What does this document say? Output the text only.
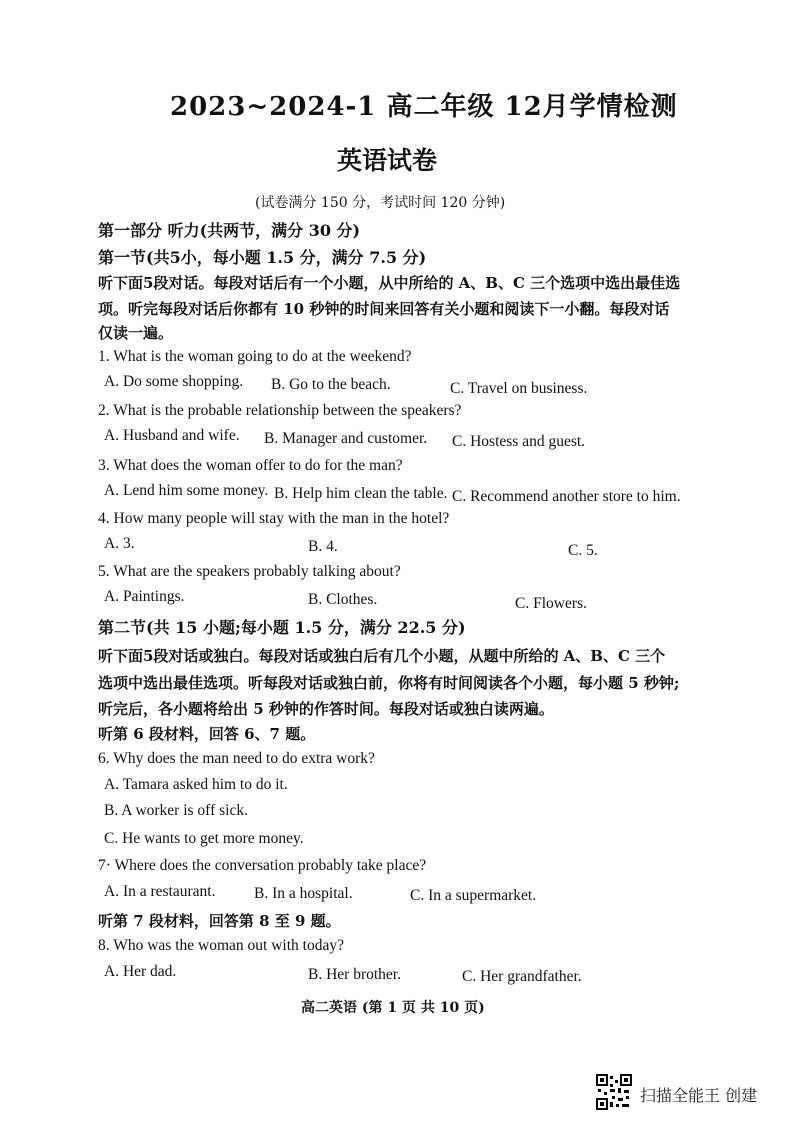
2023~2024-1 高二年级 12月学情检测
英语试卷
(试卷满分 150 分，考试时间 120 分钟)
第一部分 听力(共两节，满分 30 分)
第一节(共5小，每小题 1.5 分，满分 7.5 分)
听下面5段对话。每段对话后有一个小题，从中所给的 A、B、C 三个选项中选出最佳选
项。听完每段对话后你都有 10 秒钟的时间来回答有关小题和阅读下一小翻。每段对话
仅读一遍。
1. What is the woman going to do at the weekend?
A. Do some shopping. B. Go to the beach.	C. Travel on business.
2. What is the probable relationship between the speakers?
A. Husband and wife. B. Manager and customer. C. Hostess and guest.
3. What does the woman offer to do for the man?
A. Lend him some money. B. Help him clean the table. C. Recommend another store to him.
4. How many people will stay with the man in the hotel?
A. 3.	B. 4.	C. 5.
5. What are the speakers probably talking about?
A. Paintings.	B. Clothes.	C. Flowers.
第二节(共 15 小题;每小题 1.5 分，满分 22.5 分)
听下面5段对话或独白。每段对话或独白后有几个小题，从题中所给的 A、B、C 三个
选项中选出最佳选项。听每段对话或独白前，你将有时间阅读各个小题，每小题 5 秒钟;
听完后，各小题将给出 5 秒钟的作答时间。每段对话或独白读两遍。
听第 6 段材料，回答 6、7 题。
6. Why does the man need to do extra work?
A. Tamara asked him to do it.
B. A worker is off sick.
C. He wants to get more money.
7· Where does the conversation probably take place?
A. In a restaurant. B. In a hospital.	C. In a supermarket.
听第 7 段材料，回答第 8 至 9 题。
8. Who was the woman out with today?
A. Her dad.	B. Her brother.	C. Her grandfather.
高二英语 (第 1 页 共 10 页)
扫描全能王 创建
